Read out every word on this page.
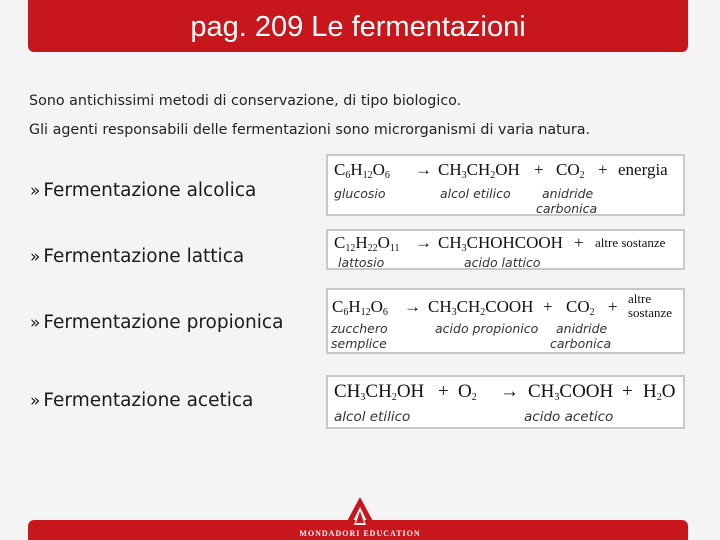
pag. 209 Le fermentazioni
Sono antichissimi metodi di conservazione, di tipo biologico.
Gli agenti responsabili delle fermentazioni sono microrganismi di varia natura.
» Fermentazione alcolica
» Fermentazione lattica
» Fermentazione propionica
» Fermentazione acetica
$C_6H_{12}O_6 \to CH_3CH_2OH + CO_2$ + energia
glucosio	alcol etilico	anidride
carbonica
$C_{12}H_{22}O_{11}$ → $CH_3CHOHCOOH$ + altre sostanze
lattosio	acido lattico
$C_6H_{12}O_6$ → $CH_3CH_2COOH + CO_2$ + altre
sostanze
zucchero
semplice
acido propionico anidride
carbonica
$CH_3CH_2OH + O_2$ → $CH_3COOH + H_2O$
alcol etilico	acido acetico
MONDADORI EDUCATION
